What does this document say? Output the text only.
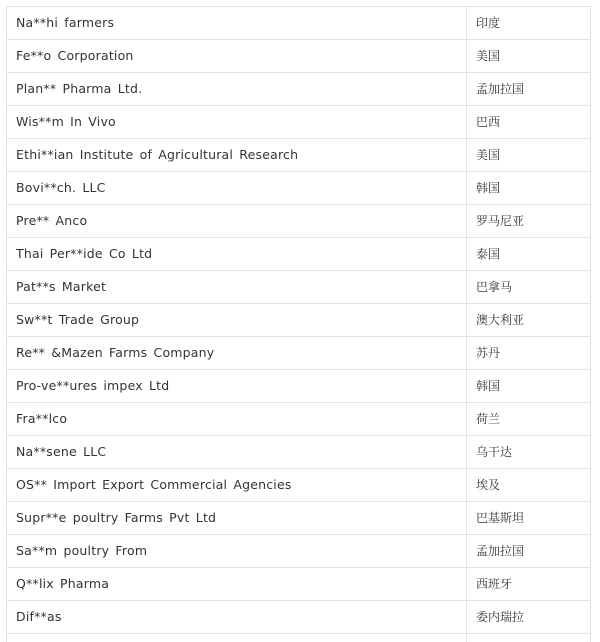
Na**hi farmers	印度
Fe**o Corporation	美国
Plan** Pharma Ltd.	孟加拉国
Wis**m In Vivo	巴西
Ethi**ian Institute of Agricultural Research	美国
Bovi**ch. LLC	韩国
Pre** Anco	罗马尼亚
Thai Per**ide Co Ltd	泰国
Pat**s Market	巴拿马
Sw**t Trade Group	澳大利亚
Re** &Mazen Farms Company	苏丹
Pro-ve**ures impex Ltd	韩国
Fra**lco	荷兰
Na**sene LLC	乌干达
OS** Import Export Commercial Agencies	埃及
Supr**e poultry Farms Pvt Ltd	巴基斯坦
Sa**m poultry From	孟加拉国
Q**lix Pharma	西班牙
Dif**as	委内瑞拉
